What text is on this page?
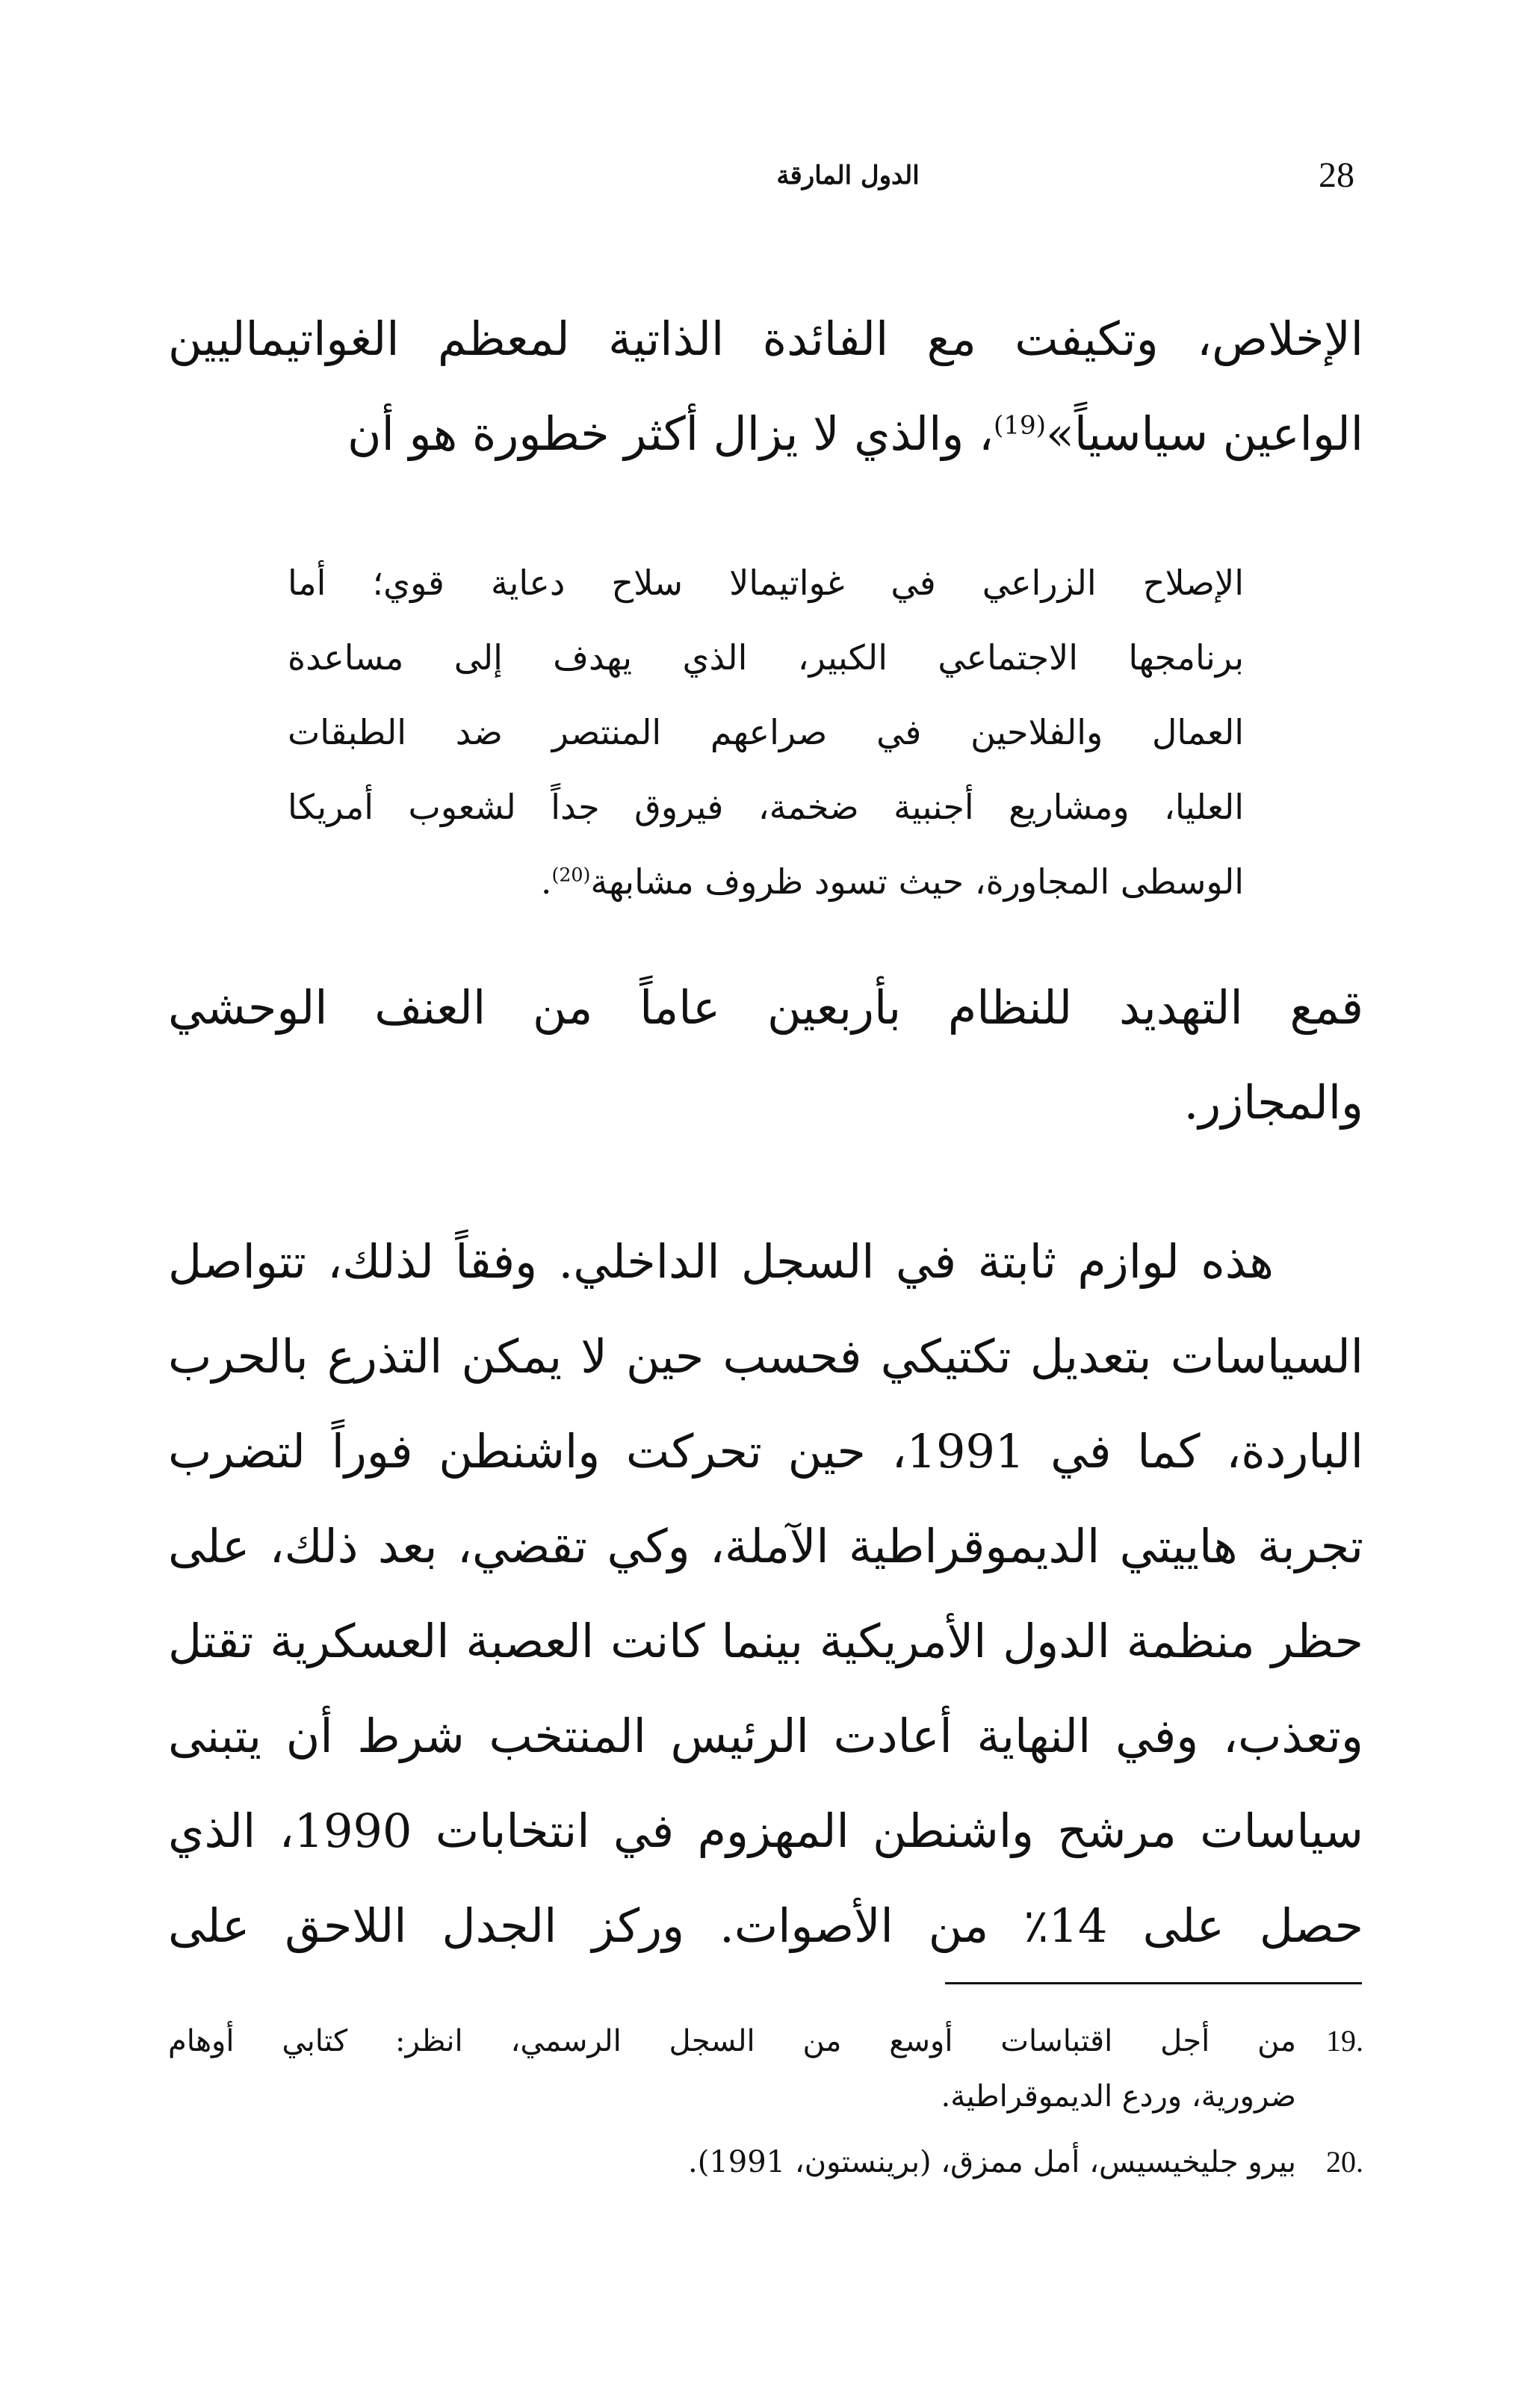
28
الدول المارقة
الإخلاص، وتكيفت مع الفائدة الذاتية لمعظم الغواتيماليين
الواعين سياسياً»$^{(19)}$، والذي لا يزال أكثر خطورة هو أن
الإصلاح الزراعي في غواتيمالا سلاح دعاية قوي؛ أما
برنامجها الاجتماعي الكبير، الذي يهدف إلى مساعدة
العمال والفلاحين في صراعهم المنتصر ضد الطبقات
العليا، ومشاريع أجنبية ضخمة، فيروق جداً لشعوب أمريكا
الوسطى المجاورة، حيث تسود ظروف مشابهة$^{(20)}$.
قمع التهديد للنظام بأربعين عاماً من العنف الوحشي
والمجازر.
هذه لوازم ثابتة في السجل الداخلي. وفقاً لذلك، تتواصل
السياسات بتعديل تكتيكي فحسب حين لا يمكن التذرع بالحرب
الباردة، كما في 1991، حين تحركت واشنطن فوراً لتضرب
تجربة هاييتي الديموقراطية الآملة، وكي تقضي، بعد ذلك، على
حظر منظمة الدول الأمريكية بينما كانت العصبة العسكرية تقتل
وتعذب، وفي النهاية أعادت الرئيس المنتخب شرط أن يتبنى
سياسات مرشح واشنطن المهزوم في انتخابات 1990، الذي
حصل على 14٪ من الأصوات. وركز الجدل اللاحق على
19.
من أجل اقتباسات أوسع من السجل الرسمي، انظر: كتابي أوهام
ضرورية، وردع الديموقراطية.
20.
بيرو جليخيسيس، أمل ممزق، (برينستون، 1991).
